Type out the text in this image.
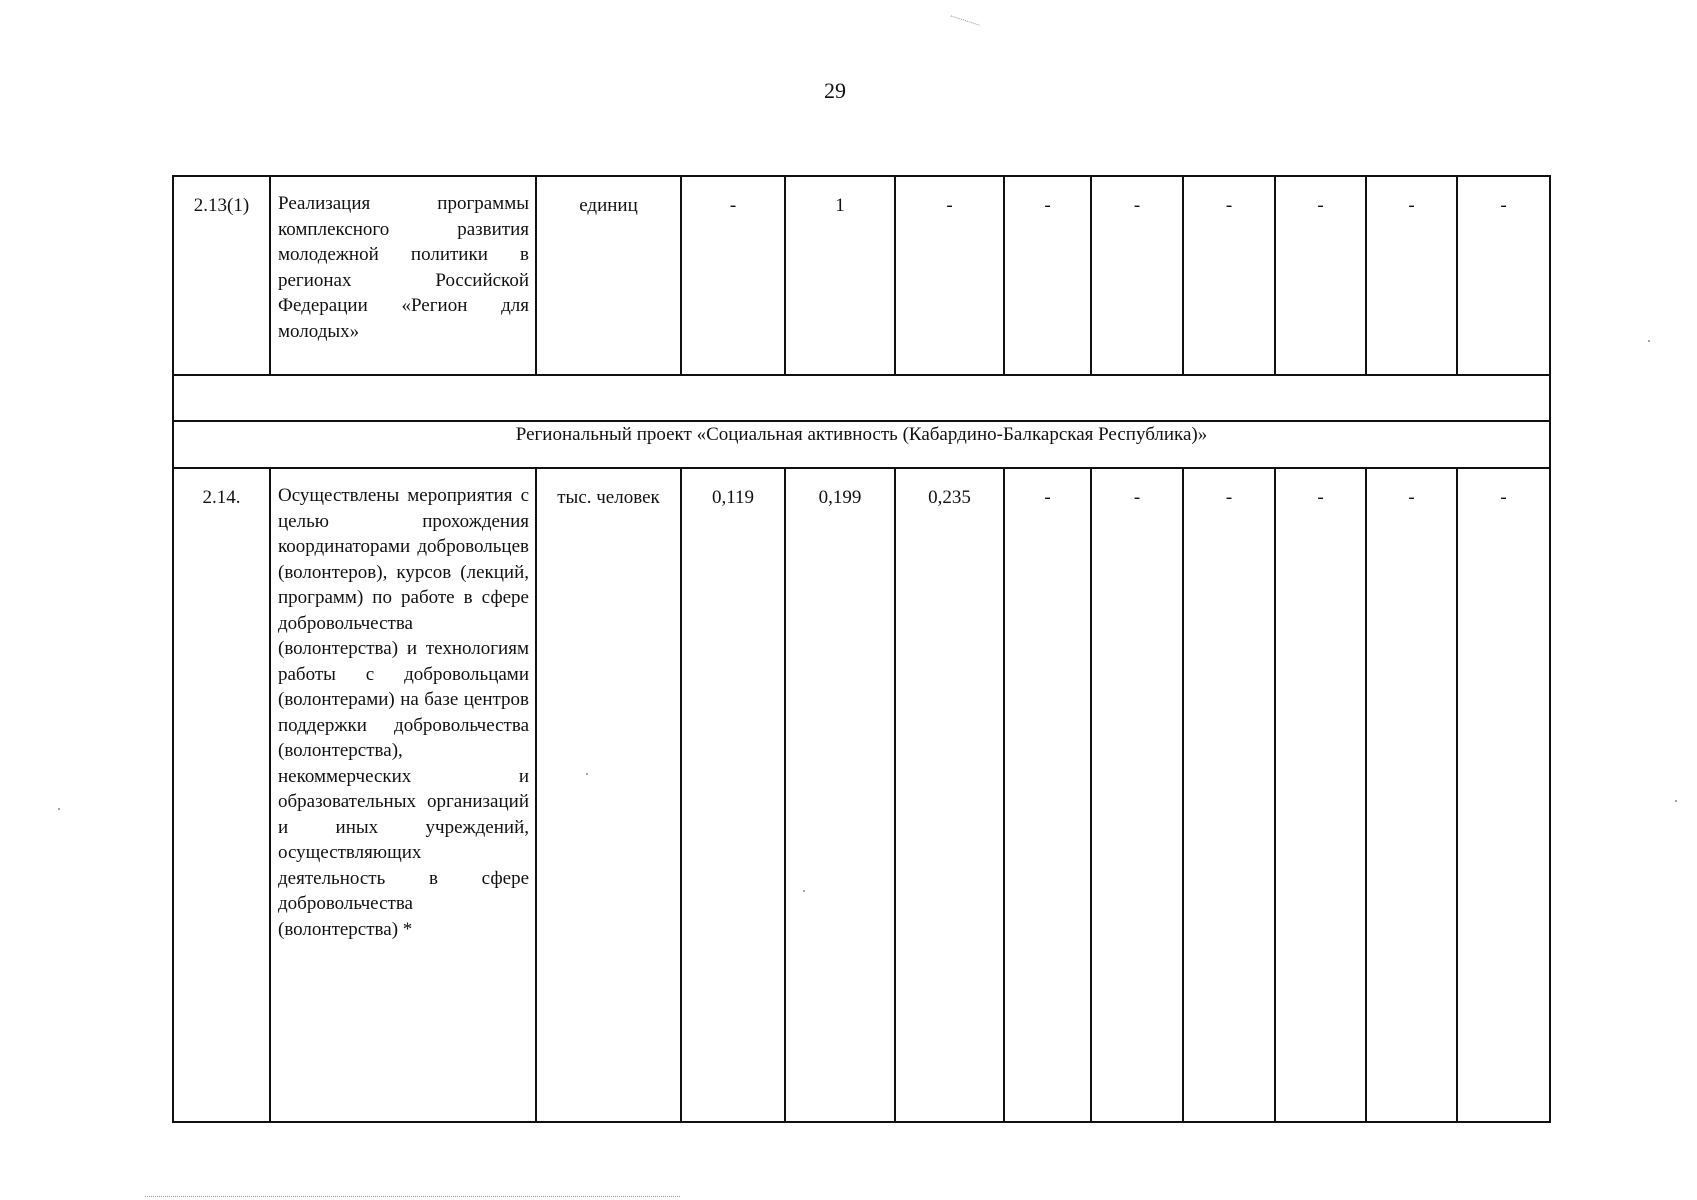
29
2.13(1)	Реализация программы комплексного развития молодежной политики в регионах Российской Федерации «Регион для молодых»	единиц	-	1	-	-	-	-	-	-	-

Региональный проект «Социальная активность (Кабардино-Балкарская Республика)»											
2.14.	Осуществлены мероприятия с целью прохождения координаторами добровольцев (волонтеров), курсов (лекций, программ) по работе в сфере добровольчества (волонтерства) и технологиям работы с добровольцами (волонтерами) на базе центров поддержки добровольчества (волонтерства), некоммерческих и образовательных организаций и иных учреждений, осуществляющих деятельность в сфере добровольчества (волонтерства) *	тыс. человек	0,119	0,199	0,235	-	-	-	-	-	-
